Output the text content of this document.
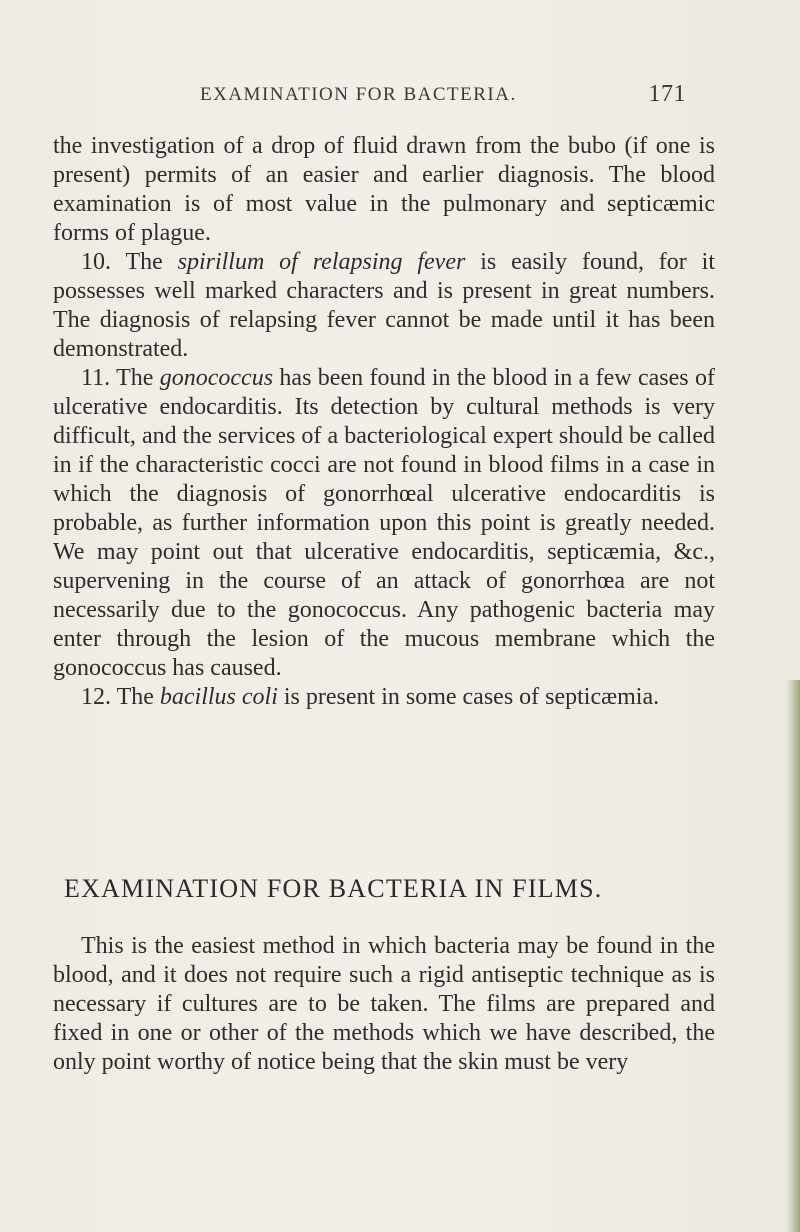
EXAMINATION FOR BACTERIA.	171

the investigation of a drop of fluid drawn from the bubo (if one is present) permits of an easier and earlier diagnosis. The blood examination is of most value in the pulmonary and septicæmic forms of plague.

10. The spirillum of relapsing fever is easily found, for it possesses well marked characters and is present in great numbers. The diagnosis of relapsing fever cannot be made until it has been demonstrated.

11. The gonococcus has been found in the blood in a few cases of ulcerative endocarditis. Its detection by cultural methods is very difficult, and the services of a bacteriological expert should be called in if the characteristic cocci are not found in blood films in a case in which the diagnosis of gonorrhœal ulcerative endocarditis is probable, as further information upon this point is greatly needed. We may point out that ulcerative endocarditis, septicæmia, &c., supervening in the course of an attack of gonorrhœa are not necessarily due to the gonococcus. Any pathogenic bacteria may enter through the lesion of the mucous membrane which the gonococcus has caused.

12. The bacillus coli is present in some cases of septicæmia.

EXAMINATION FOR BACTERIA IN FILMS.

This is the easiest method in which bacteria may be found in the blood, and it does not require such a rigid antiseptic technique as is necessary if cultures are to be taken. The films are prepared and fixed in one or other of the methods which we have described, the only point worthy of notice being that the skin must be very
